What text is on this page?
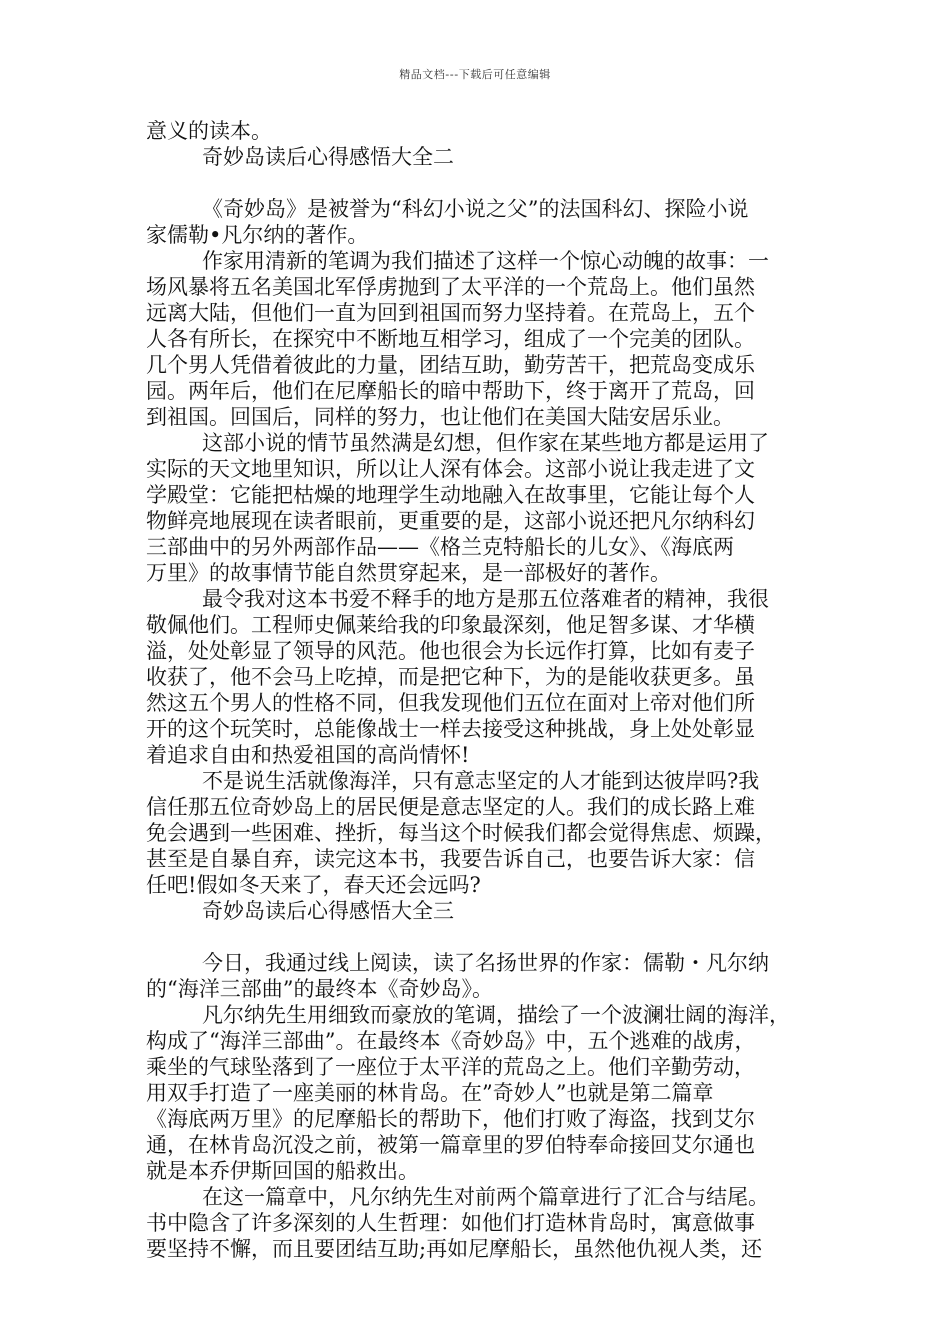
精品文档---下载后可任意编辑
意义的读本。
奇妙岛读后心得感悟大全二
《奇妙岛》是被誉为“科幻小说之父”的法国科幻、探险小说
家儒勒•凡尔纳的著作。
作家用清新的笔调为我们描述了这样一个惊心动魄的故事：一
场风暴将五名美国北军俘虏抛到了太平洋的一个荒岛上。他们虽然
远离大陆，但他们一直为回到祖国而努力坚持着。在荒岛上，五个
人各有所长，在探究中不断地互相学习，组成了一个完美的团队。
几个男人凭借着彼此的力量，团结互助，勤劳苦干，把荒岛变成乐
园。两年后，他们在尼摩船长的暗中帮助下，终于离开了荒岛，回
到祖国。回国后，同样的努力，也让他们在美国大陆安居乐业。
这部小说的情节虽然满是幻想，但作家在某些地方都是运用了
实际的天文地里知识，所以让人深有体会。这部小说让我走进了文
学殿堂：它能把枯燥的地理学生动地融入在故事里，它能让每个人
物鲜亮地展现在读者眼前，更重要的是，这部小说还把凡尔纳科幻
三部曲中的另外两部作品——《格兰克特船长的儿女》、《海底两
万里》的故事情节能自然贯穿起来，是一部极好的著作。
最令我对这本书爱不释手的地方是那五位落难者的精神，我很
敬佩他们。工程师史佩莱给我的印象最深刻，他足智多谋、才华横
溢，处处彰显了领导的风范。他也很会为长远作打算，比如有麦子
收获了，他不会马上吃掉，而是把它种下，为的是能收获更多。虽
然这五个男人的性格不同，但我发现他们五位在面对上帝对他们所
开的这个玩笑时，总能像战士一样去接受这种挑战，身上处处彰显
着追求自由和热爱祖国的高尚情怀!
不是说生活就像海洋，只有意志坚定的人才能到达彼岸吗?我
信任那五位奇妙岛上的居民便是意志坚定的人。我们的成长路上难
免会遇到一些困难、挫折，每当这个时候我们都会觉得焦虑、烦躁，
甚至是自暴自弃，读完这本书，我要告诉自己，也要告诉大家：信
任吧!假如冬天来了，春天还会远吗?
奇妙岛读后心得感悟大全三
今日，我通过线上阅读，读了名扬世界的作家：儒勒・凡尔纳
的“海洋三部曲”的最终本《奇妙岛》。
凡尔纳先生用细致而豪放的笔调，描绘了一个波澜壮阔的海洋，
构成了“海洋三部曲”。在最终本《奇妙岛》中，五个逃难的战虏，
乘坐的气球坠落到了一座位于太平洋的荒岛之上。他们辛勤劳动，
用双手打造了一座美丽的林肯岛。在”奇妙人”也就是第二篇章
《海底两万里》的尼摩船长的帮助下，他们打败了海盗，找到艾尔
通，在林肯岛沉没之前，被第一篇章里的罗伯特奉命接回艾尔通也
就是本乔伊斯回国的船救出。
在这一篇章中，凡尔纳先生对前两个篇章进行了汇合与结尾。
书中隐含了许多深刻的人生哲理：如他们打造林肯岛时，寓意做事
要坚持不懈，而且要团结互助;再如尼摩船长，虽然他仇视人类，还
